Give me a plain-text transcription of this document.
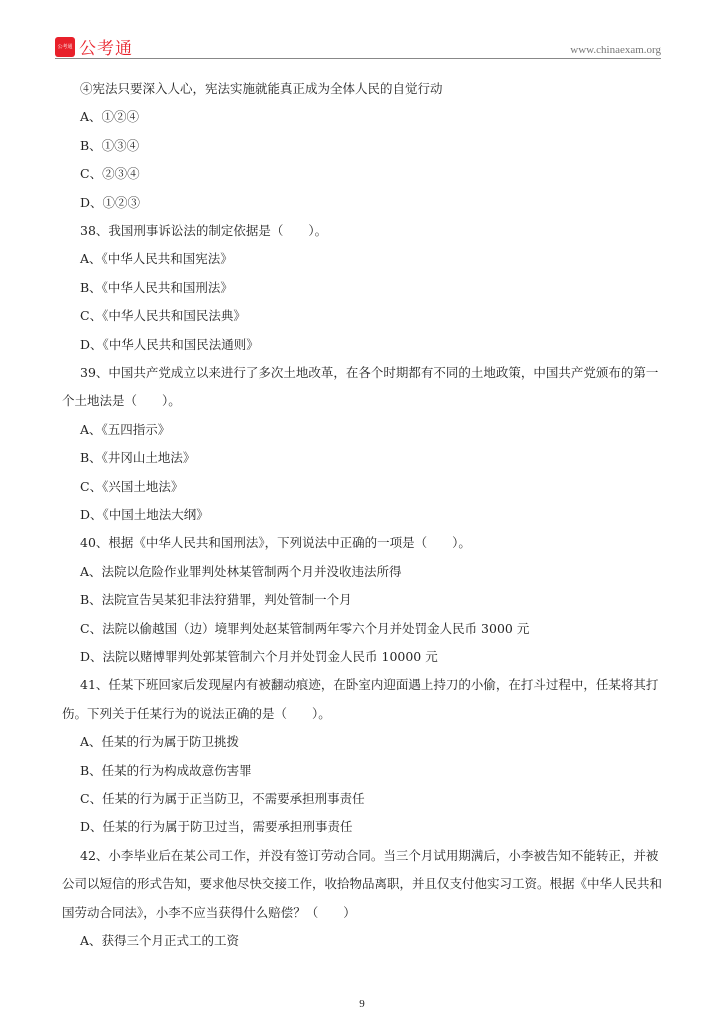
公考通 公考通	www.chinaexam.org
④宪法只要深入人心，宪法实施就能真正成为全体人民的自觉行动
A、①②④
B、①③④
C、②③④
D、①②③
38、我国刑事诉讼法的制定依据是（　　）。
A、《中华人民共和国宪法》
B、《中华人民共和国刑法》
C、《中华人民共和国民法典》
D、《中华人民共和国民法通则》
39、中国共产党成立以来进行了多次土地改革，在各个时期都有不同的土地政策，中国共产党颁布的第一
个土地法是（　　）。
A、《五四指示》
B、《井冈山土地法》
C、《兴国土地法》
D、《中国土地法大纲》
40、根据《中华人民共和国刑法》，下列说法中正确的一项是（　　）。
A、法院以危险作业罪判处林某管制两个月并没收违法所得
B、法院宣告吴某犯非法狩猎罪，判处管制一个月
C、法院以偷越国（边）境罪判处赵某管制两年零六个月并处罚金人民币 3000 元
D、法院以赌博罪判处郭某管制六个月并处罚金人民币 10000 元
41、任某下班回家后发现屋内有被翻动痕迹，在卧室内迎面遇上持刀的小偷，在打斗过程中，任某将其打
伤。下列关于任某行为的说法正确的是（　　）。
A、任某的行为属于防卫挑拨
B、任某的行为构成故意伤害罪
C、任某的行为属于正当防卫，不需要承担刑事责任
D、任某的行为属于防卫过当，需要承担刑事责任
42、小李毕业后在某公司工作，并没有签订劳动合同。当三个月试用期满后，小李被告知不能转正，并被
公司以短信的形式告知，要求他尽快交接工作，收拾物品离职，并且仅支付他实习工资。根据《中华人民共和
国劳动合同法》，小李不应当获得什么赔偿？（　　）
A、获得三个月正式工的工资
9
